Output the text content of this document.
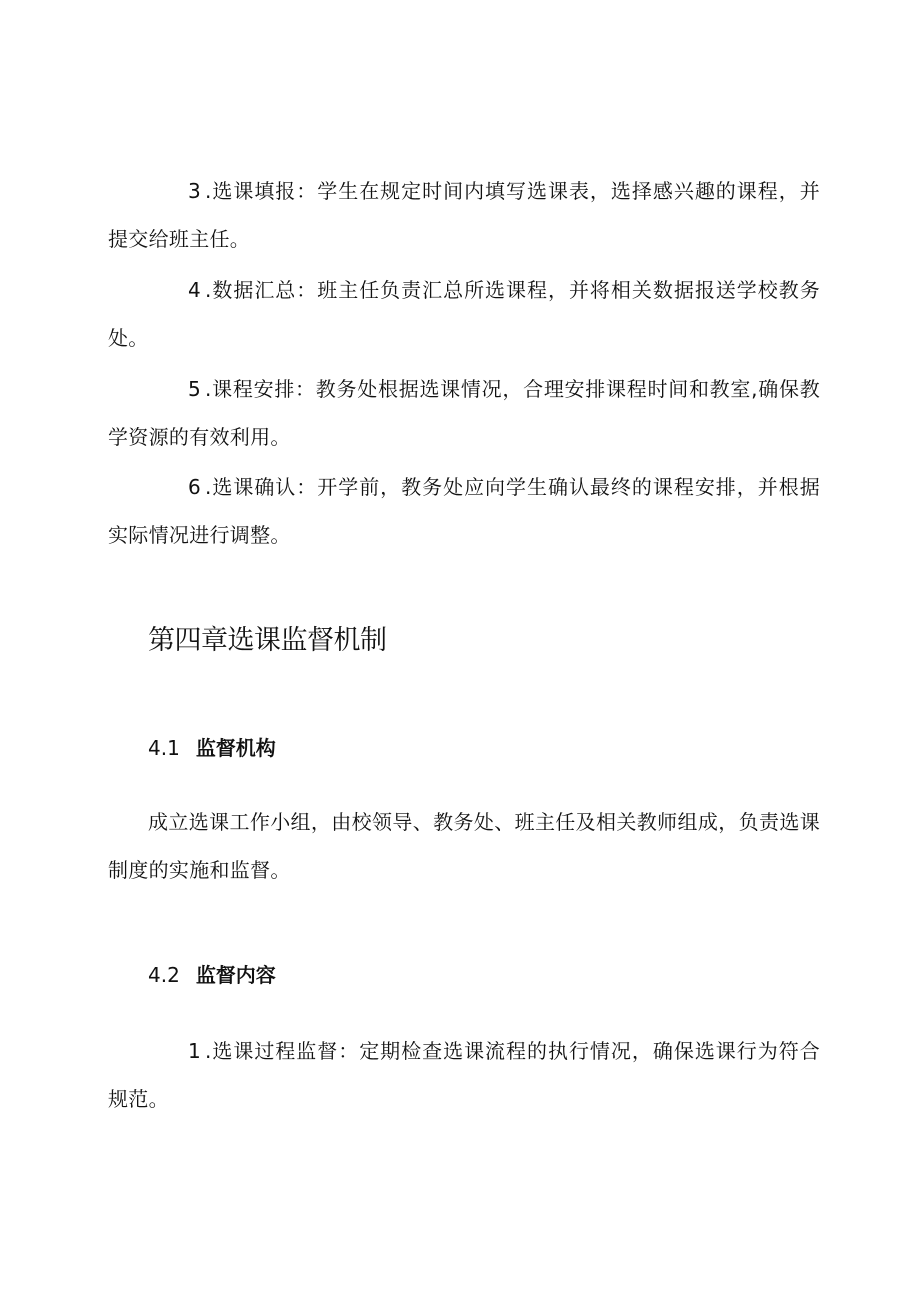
3 .选课填报：学生在规定时间内填写选课表，选择感兴趣的课程，并提交给班主任。

4 .数据汇总：班主任负责汇总所选课程，并将相关数据报送学校教务处。

5 .课程安排：教务处根据选课情况，合理安排课程时间和教室,确保教学资源的有效利用。

6 .选课确认：开学前，教务处应向学生确认最终的课程安排，并根据实际情况进行调整。

第四章选课监督机制
4.1 监督机构

成立选课工作小组，由校领导、教务处、班主任及相关教师组成，负责选课制度的实施和监督。

4.2 监督内容

1 .选课过程监督：定期检查选课流程的执行情况，确保选课行为符合规范。
